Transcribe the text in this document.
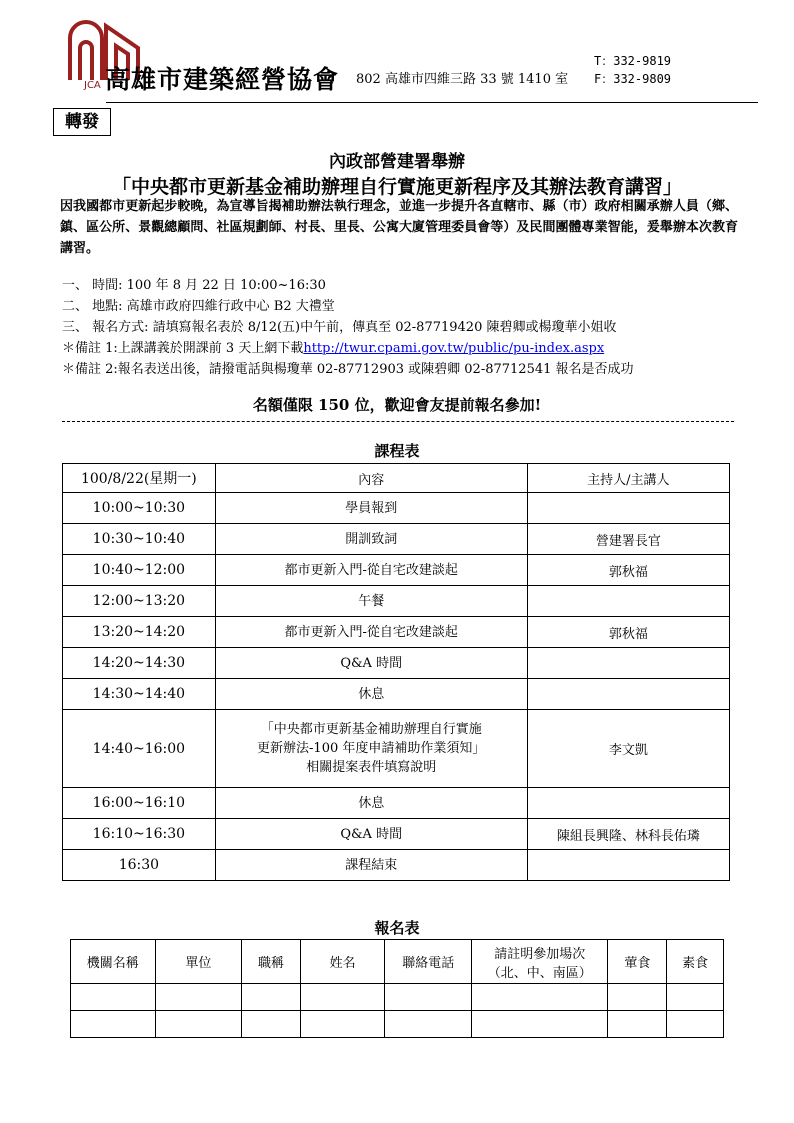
JCA 高雄市建築經營協會 802 高雄市四維三路 33 號 1410 室
T：332-9819
F：332-9809
轉發
內政部營建署舉辦
「中央都市更新基金補助辦理自行實施更新程序及其辦法教育講習」
因我國都市更新起步較晚，為宣導旨揭補助辦法執行理念，並進一步提升各直轄市、縣（市）政府相關承辦人員（鄉、鎮、區公所、景觀總顧問、社區規劃師、村長、里長、公寓大廈管理委員會等）及民間團體專業智能，爰舉辦本次教育講習。
一、 時間: 100 年 8 月 22 日 10:00~16:30
二、 地點: 高雄市政府四維行政中心 B2 大禮堂
三、 報名方式: 請填寫報名表於 8/12(五)中午前，傳真至 02-87719420 陳碧卿或楊瓊華小姐收
＊備註 1:上課講義於開課前 3 天上網下載http://twur.cpami.gov.tw/public/pu-index.aspx
＊備註 2:報名表送出後，請撥電話與楊瓊華 02-87712903 或陳碧卿 02-87712541 報名是否成功
名額僅限 150 位，歡迎會友提前報名參加!
課程表
100/8/22(星期一)	內容	主持人/主講人
10:00~10:30	學員報到	
10:30~10:40	開訓致詞	營建署長官
10:40~12:00	都市更新入門-從自宅改建談起	郭秋福
12:00~13:20	午餐	
13:20~14:20	都市更新入門-從自宅改建談起	郭秋福
14:20~14:30	Q&A 時間	
14:30~14:40	休息	
14:40~16:00	「中央都市更新基金補助辦理自行實施
更新辦法-100 年度申請補助作業須知」
相關提案表件填寫說明	李文凱
16:00~16:10	休息	
16:10~16:30	Q&A 時間	陳組長興隆、林科長佑璘
16:30	課程結束	
報名表
機關名稱	單位	職稱	姓名	聯絡電話	請註明參加場次
（北、中、南區）	葷食	素食
